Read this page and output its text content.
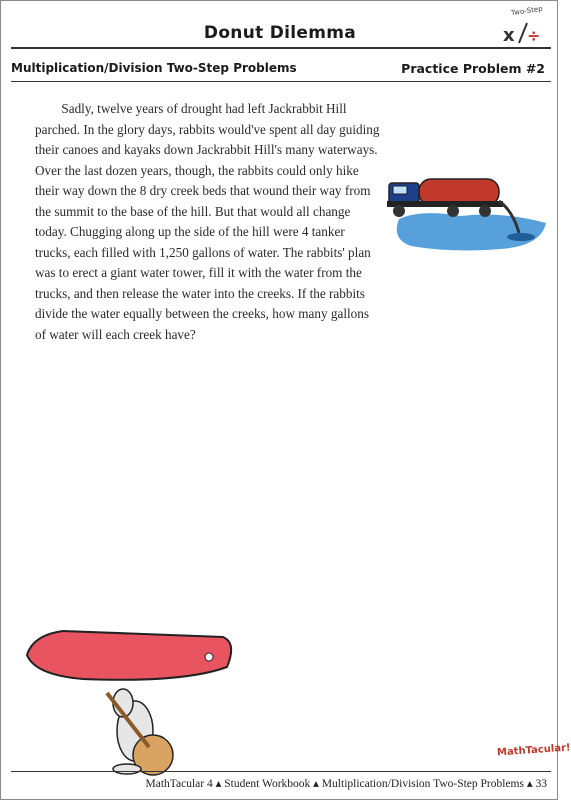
Donut Dilemma
Two-Step
x ÷
Multiplication/Division Two-Step Problems	Practice Problem #2

Sadly, twelve years of drought had left Jackrabbit Hill parched. In the glory days, rabbits would've spent all day guiding their canoes and kayaks down Jackrabbit Hill's many waterways. Over the last dozen years, though, the rabbits could only hike their way down the 8 dry creek beds that wound their way from the summit to the base of the hill. But that would all change today. Chugging along up the side of the hill were 4 tanker trucks, each filled with 1,250 gallons of water. The rabbits' plan was to erect a giant water tower, fill it with the water from the trucks, and then release the water into the creeks. If the rabbits divide the water equally between the creeks, how many gallons of water will each creek have?

MathTacular!
MathTacular 4 ▴ Student Workbook ▴ Multiplication/Division Two-Step Problems ▴ 33
